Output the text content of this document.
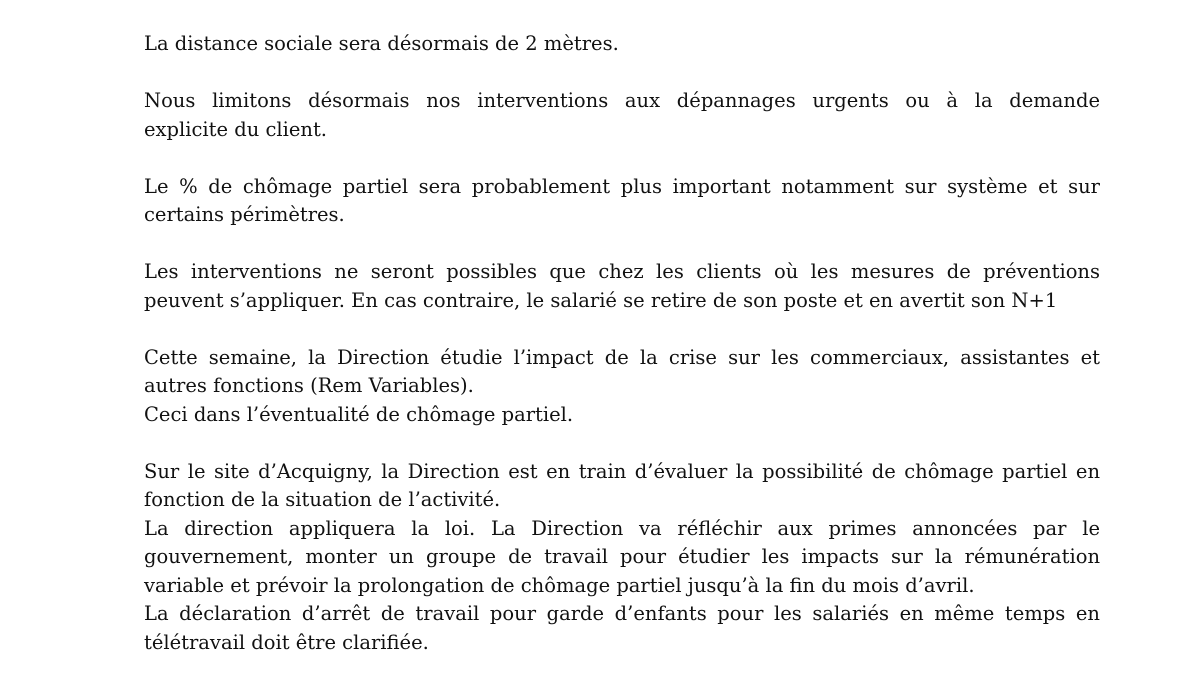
La distance sociale sera désormais de 2 mètres.

Nous limitons désormais nos interventions aux dépannages urgents ou à la demande
explicite du client.

Le % de chômage partiel sera probablement plus important notamment sur système et sur
certains périmètres.

Les interventions ne seront possibles que chez les clients où les mesures de préventions
peuvent s’appliquer. En cas contraire, le salarié se retire de son poste et en avertit son N+1

Cette semaine, la Direction étudie l’impact de la crise sur les commerciaux, assistantes et
autres fonctions (Rem Variables).
Ceci dans l’éventualité de chômage partiel.

Sur le site d’Acquigny, la Direction est en train d’évaluer la possibilité de chômage partiel en
fonction de la situation de l’activité.
La direction appliquera la loi. La Direction va réfléchir aux primes annoncées par le
gouvernement, monter un groupe de travail pour étudier les impacts sur la rémunération
variable et prévoir la prolongation de chômage partiel jusqu’à la fin du mois d’avril.
La déclaration d’arrêt de travail pour garde d’enfants pour les salariés en même temps en
télétravail doit être clarifiée.
